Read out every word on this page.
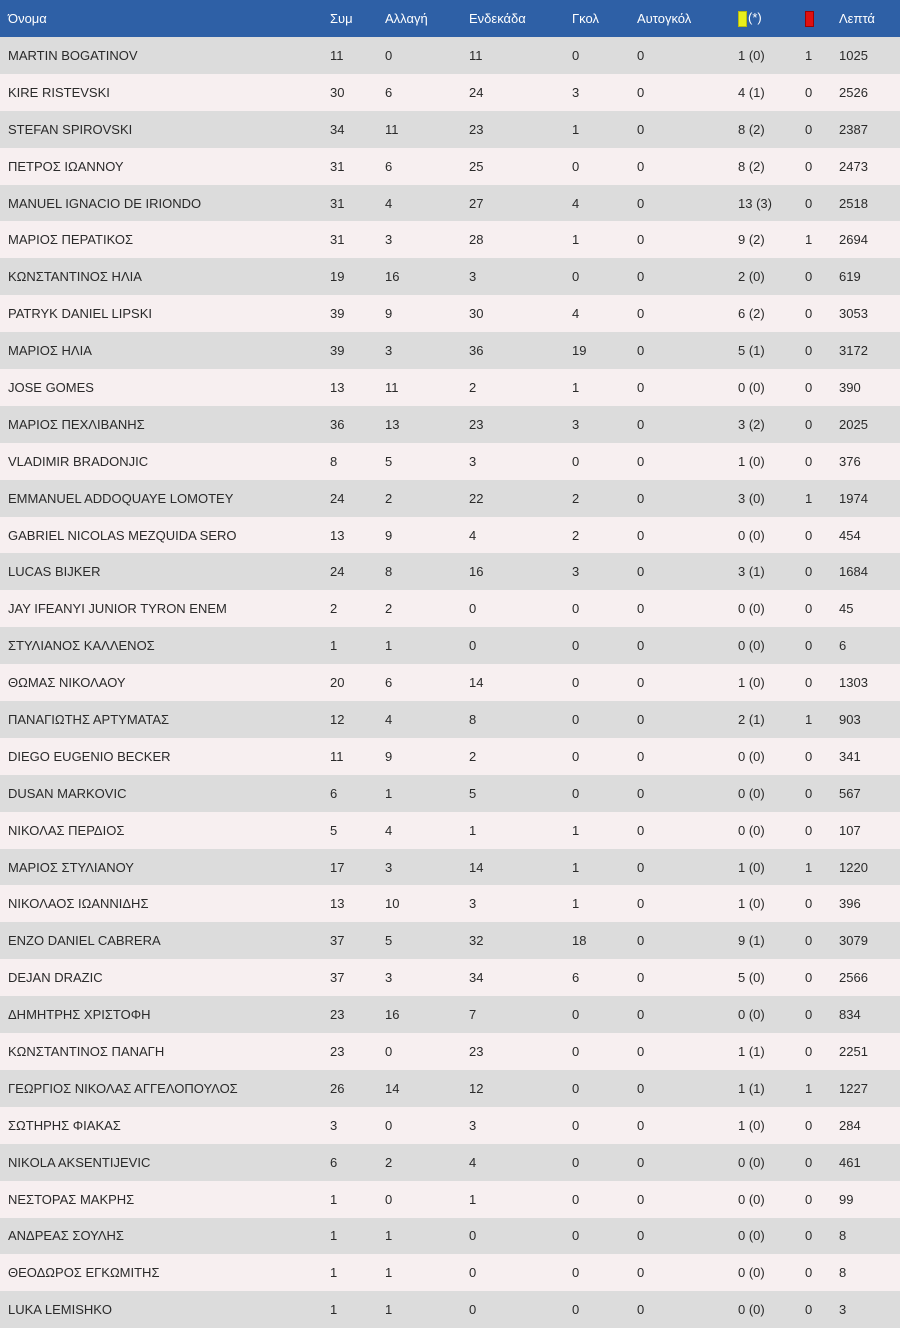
Όνομα	Συμ	Αλλαγή	Ενδεκάδα	Γκολ	Αυτογκόλ	(*)		Λεπτά
MARTIN BOGATINOV	11	0	11	0	0	1 (0)	1	1025
KIRE RISTEVSKI	30	6	24	3	0	4 (1)	0	2526
STEFAN SPIROVSKI	34	11	23	1	0	8 (2)	0	2387
ΠΕΤΡΟΣ ΙΩΑΝΝΟΥ	31	6	25	0	0	8 (2)	0	2473
MANUEL IGNACIO DE IRIONDO	31	4	27	4	0	13 (3)	0	2518
ΜΑΡΙΟΣ ΠΕΡΑΤΙΚΟΣ	31	3	28	1	0	9 (2)	1	2694
ΚΩΝΣΤΑΝΤΙΝΟΣ ΗΛΙΑ	19	16	3	0	0	2 (0)	0	619
PATRYK DANIEL LIPSKI	39	9	30	4	0	6 (2)	0	3053
ΜΑΡΙΟΣ ΗΛΙΑ	39	3	36	19	0	5 (1)	0	3172
JOSE GOMES	13	11	2	1	0	0 (0)	0	390
ΜΑΡΙΟΣ ΠΕΧΛΙΒΑΝΗΣ	36	13	23	3	0	3 (2)	0	2025
VLADIMIR BRADONJIC	8	5	3	0	0	1 (0)	0	376
EMMANUEL ADDOQUAYE LOMOTEY	24	2	22	2	0	3 (0)	1	1974
GABRIEL NICOLAS MEZQUIDA SERO	13	9	4	2	0	0 (0)	0	454
LUCAS BIJKER	24	8	16	3	0	3 (1)	0	1684
JAY IFEANYI JUNIOR TYRON ENEM	2	2	0	0	0	0 (0)	0	45
ΣΤΥΛΙΑΝΟΣ ΚΑΛΛΕΝΟΣ	1	1	0	0	0	0 (0)	0	6
ΘΩΜΑΣ ΝΙΚΟΛΑΟΥ	20	6	14	0	0	1 (0)	0	1303
ΠΑΝΑΓΙΩΤΗΣ ΑΡΤΥΜΑΤΑΣ	12	4	8	0	0	2 (1)	1	903
DIEGO EUGENIO BECKER	11	9	2	0	0	0 (0)	0	341
DUSAN MARKOVIC	6	1	5	0	0	0 (0)	0	567
ΝΙΚΟΛΑΣ ΠΕΡΔΙΟΣ	5	4	1	1	0	0 (0)	0	107
ΜΑΡΙΟΣ ΣΤΥΛΙΑΝΟΥ	17	3	14	1	0	1 (0)	1	1220
ΝΙΚΟΛΑΟΣ ΙΩΑΝΝΙΔΗΣ	13	10	3	1	0	1 (0)	0	396
ENZO DANIEL CABRERA	37	5	32	18	0	9 (1)	0	3079
DEJAN DRAZIC	37	3	34	6	0	5 (0)	0	2566
ΔΗΜΗΤΡΗΣ ΧΡΙΣΤΟΦΗ	23	16	7	0	0	0 (0)	0	834
ΚΩΝΣΤΑΝΤΙΝΟΣ ΠΑΝΑΓΗ	23	0	23	0	0	1 (1)	0	2251
ΓΕΩΡΓΙΟΣ ΝΙΚΟΛΑΣ ΑΓΓΕΛΟΠΟΥΛΟΣ	26	14	12	0	0	1 (1)	1	1227
ΣΩΤΗΡΗΣ ΦΙΑΚΑΣ	3	0	3	0	0	1 (0)	0	284
NIKOLA AKSENTIJEVIC	6	2	4	0	0	0 (0)	0	461
ΝΕΣΤΟΡΑΣ ΜΑΚΡΗΣ	1	0	1	0	0	0 (0)	0	99
ΑΝΔΡΕΑΣ ΣΟΥΛΗΣ	1	1	0	0	0	0 (0)	0	8
ΘΕΟΔΩΡΟΣ ΕΓΚΩΜΙΤΗΣ	1	1	0	0	0	0 (0)	0	8
LUKA LEMISHKO	1	1	0	0	0	0 (0)	0	3
